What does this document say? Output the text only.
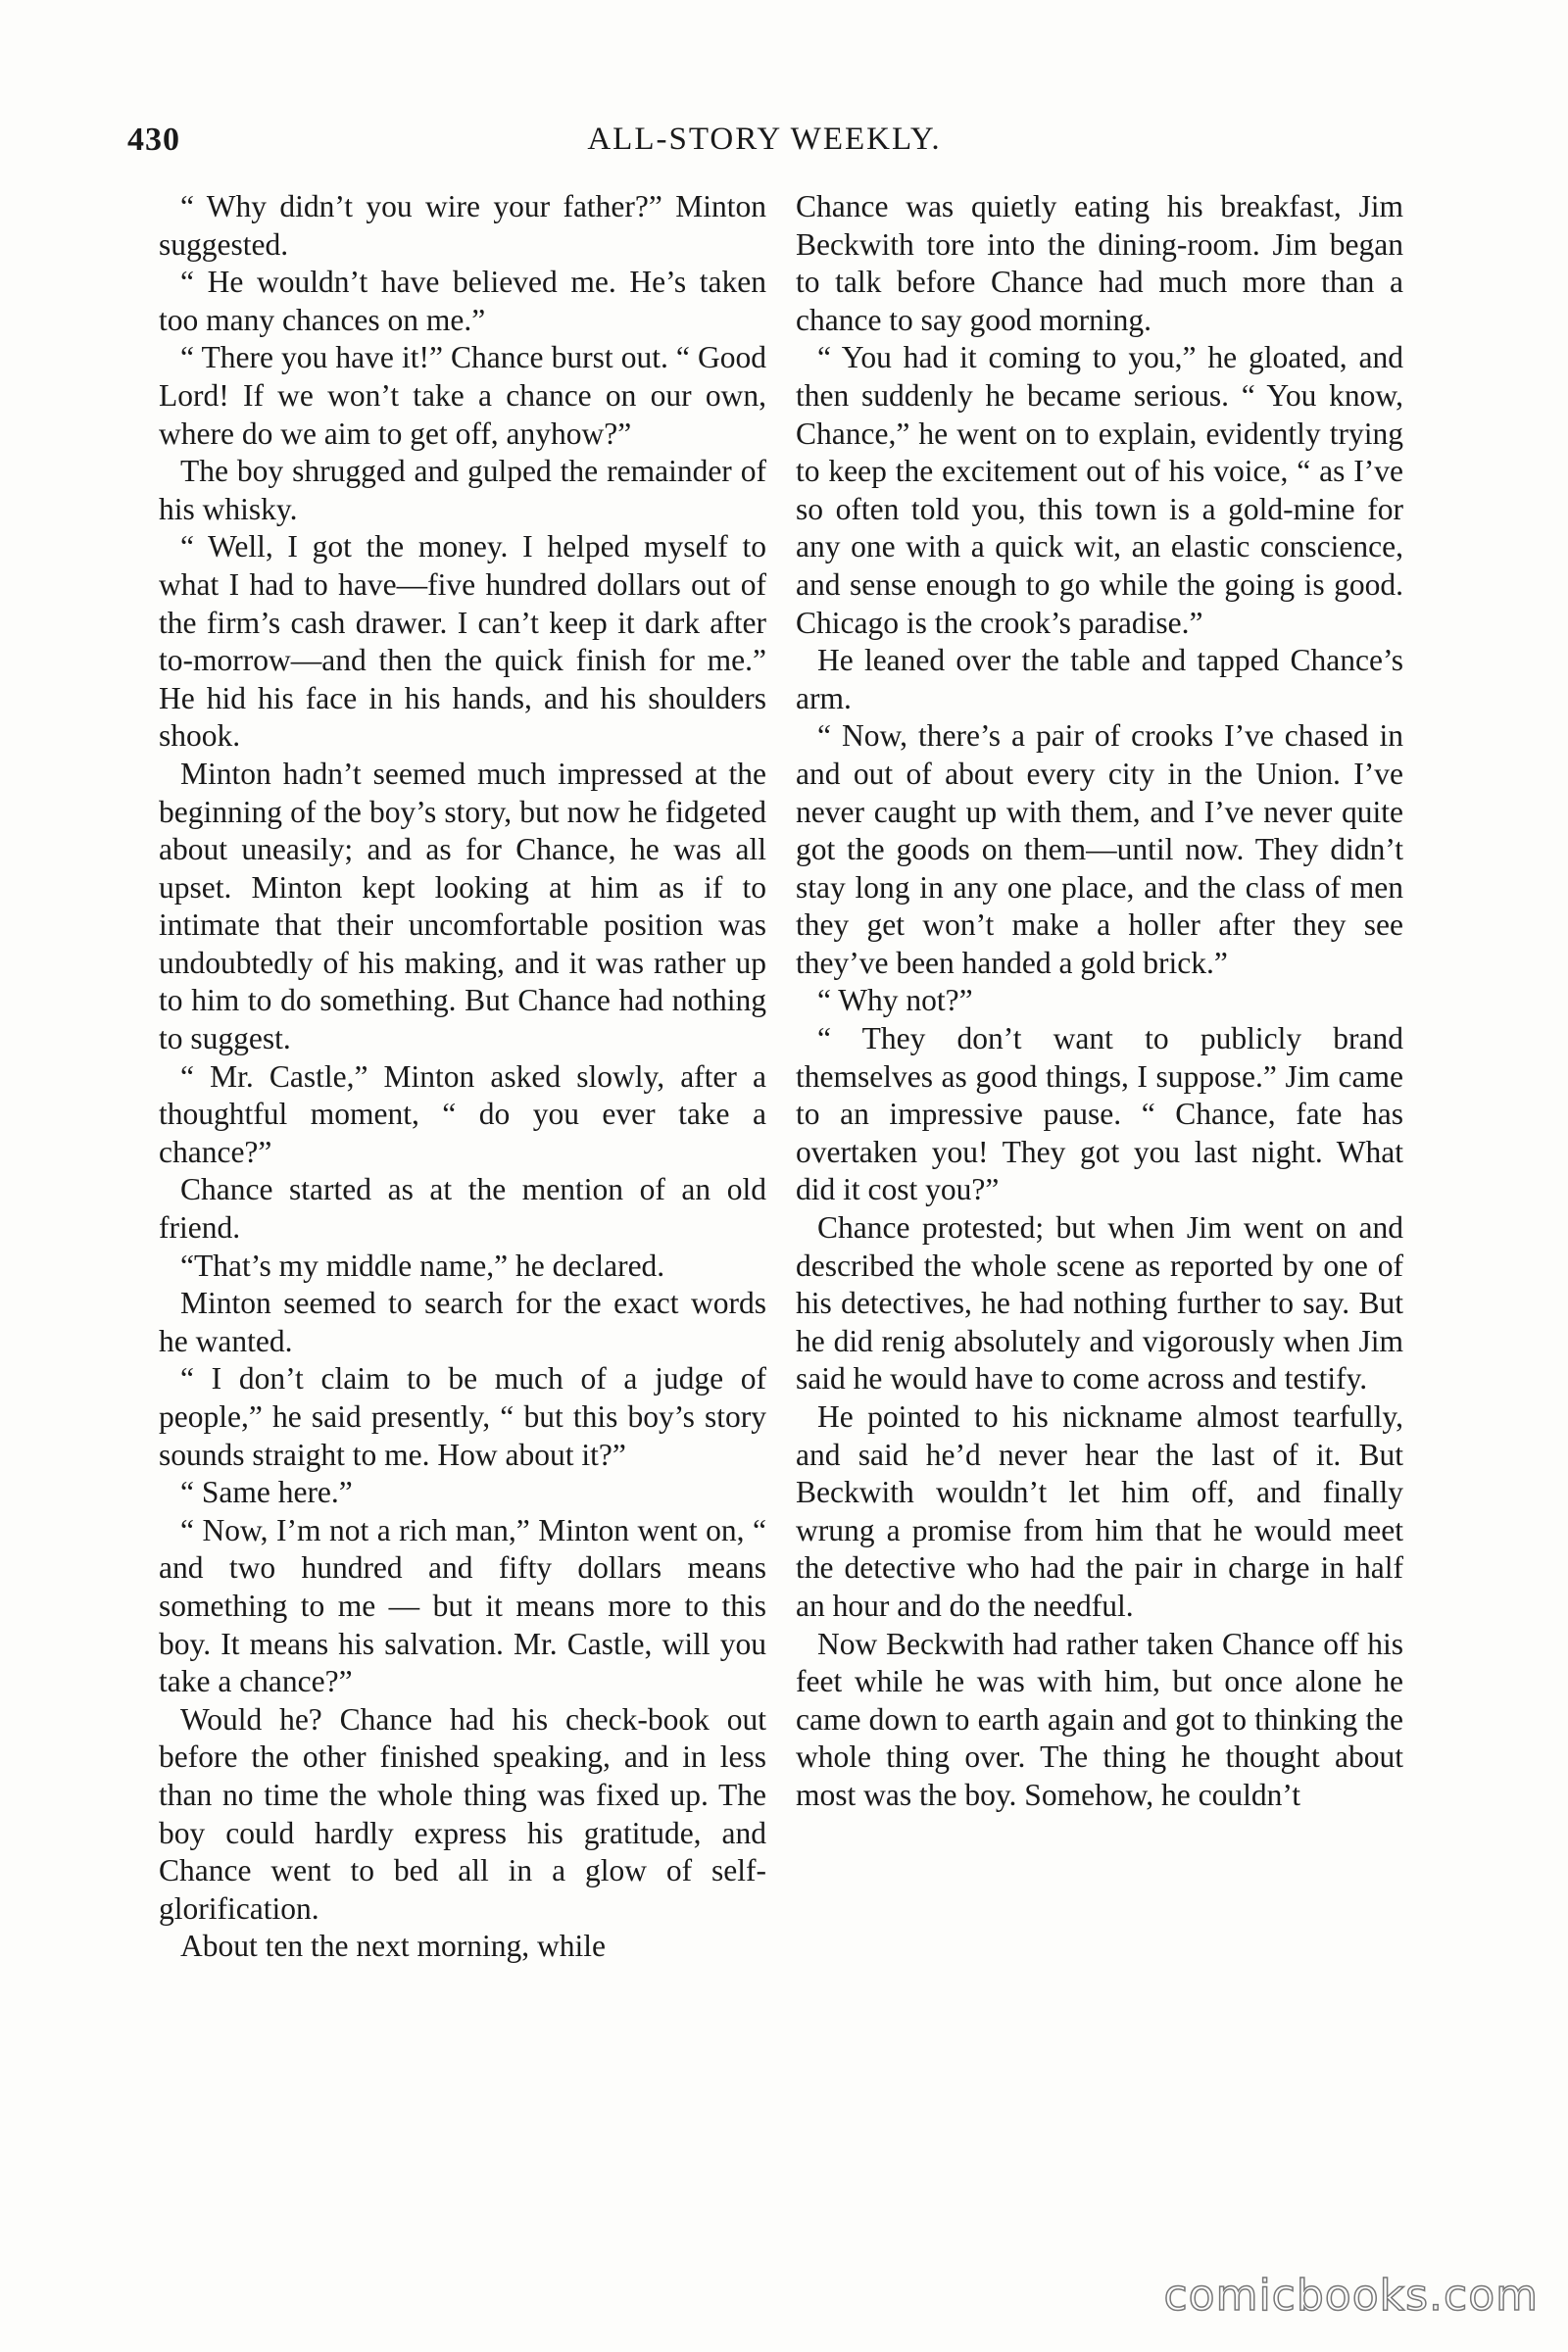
430	ALL-STORY WEEKLY.

“ Why didn’t you wire your father?” Minton suggested.

“ He wouldn’t have believed me. He’s taken too many chances on me.”

“ There you have it!” Chance burst out. “ Good Lord! If we won’t take a chance on our own, where do we aim to get off, anyhow?”

The boy shrugged and gulped the remainder of his whisky.

“ Well, I got the money. I helped myself to what I had to have—five hundred dollars out of the firm’s cash drawer. I can’t keep it dark after to-morrow—and then the quick finish for me.” He hid his face in his hands, and his shoulders shook.

Minton hadn’t seemed much impressed at the beginning of the boy’s story, but now he fidgeted about uneasily; and as for Chance, he was all upset. Minton kept looking at him as if to intimate that their uncomfortable position was undoubtedly of his making, and it was rather up to him to do something. But Chance had nothing to suggest.

“ Mr. Castle,” Minton asked slowly, after a thoughtful moment, “ do you ever take a chance?”

Chance started as at the mention of an old friend.

“That’s my middle name,” he declared.

Minton seemed to search for the exact words he wanted.

“ I don’t claim to be much of a judge of people,” he said presently, “ but this boy’s story sounds straight to me. How about it?”

“ Same here.”

“ Now, I’m not a rich man,” Minton went on, “ and two hundred and fifty dollars means something to me — but it means more to this boy. It means his salvation. Mr. Castle, will you take a chance?”

Would he? Chance had his check-book out before the other finished speaking, and in less than no time the whole thing was fixed up. The boy could hardly express his gratitude, and Chance went to bed all in a glow of self-glorification.

About ten the next morning, while

Chance was quietly eating his breakfast, Jim Beckwith tore into the dining-room. Jim began to talk before Chance had much more than a chance to say good morning.

“ You had it coming to you,” he gloated, and then suddenly he became serious. “ You know, Chance,” he went on to explain, evidently trying to keep the excitement out of his voice, “ as I’ve so often told you, this town is a gold-mine for any one with a quick wit, an elastic conscience, and sense enough to go while the going is good. Chicago is the crook’s paradise.”

He leaned over the table and tapped Chance’s arm.

“ Now, there’s a pair of crooks I’ve chased in and out of about every city in the Union. I’ve never caught up with them, and I’ve never quite got the goods on them—until now. They didn’t stay long in any one place, and the class of men they get won’t make a holler after they see they’ve been handed a gold brick.”

“ Why not?”

“ They don’t want to publicly brand themselves as good things, I suppose.” Jim came to an impressive pause. “ Chance, fate has overtaken you! They got you last night. What did it cost you?”

Chance protested; but when Jim went on and described the whole scene as reported by one of his detectives, he had nothing further to say. But he did renig absolutely and vigorously when Jim said he would have to come across and testify.

He pointed to his nickname almost tearfully, and said he’d never hear the last of it. But Beckwith wouldn’t let him off, and finally wrung a promise from him that he would meet the detective who had the pair in charge in half an hour and do the needful.

Now Beckwith had rather taken Chance off his feet while he was with him, but once alone he came down to earth again and got to thinking the whole thing over. The thing he thought about most was the boy. Somehow, he couldn’t

comicbooks.com
